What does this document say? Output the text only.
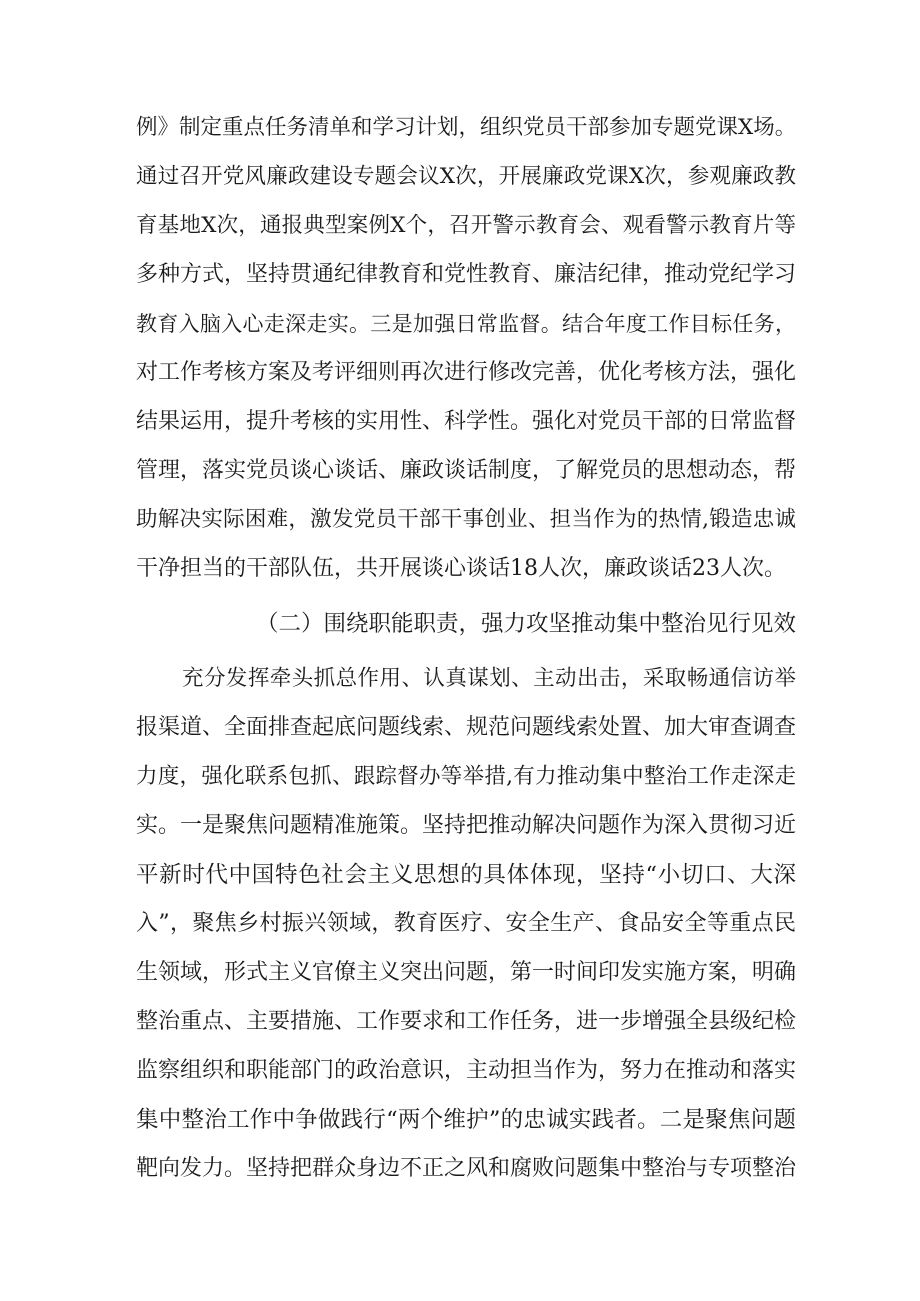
例》制定重点任务清单和学习计划，组织党员干部参加专题党课X场。
通过召开党风廉政建设专题会议X次，开展廉政党课X次，参观廉政教
育基地X次，通报典型案例X个，召开警示教育会、观看警示教育片等
多种方式，坚持贯通纪律教育和党性教育、廉洁纪律，推动党纪学习
教育入脑入心走深走实。三是加强日常监督。结合年度工作目标任务，
对工作考核方案及考评细则再次进行修改完善，优化考核方法，强化
结果运用，提升考核的实用性、科学性。强化对党员干部的日常监督
管理，落实党员谈心谈话、廉政谈话制度，了解党员的思想动态，帮
助解决实际困难，激发党员干部干事创业、担当作为的热情,锻造忠诚
干净担当的干部队伍，共开展谈心谈话18人次，廉政谈话23人次。
（二）围绕职能职责，强力攻坚推动集中整治见行见效
充分发挥牵头抓总作用、认真谋划、主动出击，采取畅通信访举
报渠道、全面排查起底问题线索、规范问题线索处置、加大审查调查
力度，强化联系包抓、跟踪督办等举措,有力推动集中整治工作走深走
实。一是聚焦问题精准施策。坚持把推动解决问题作为深入贯彻习近
平新时代中国特色社会主义思想的具体体现，坚持“小切口、大深
入”，聚焦乡村振兴领域，教育医疗、安全生产、食品安全等重点民
生领域，形式主义官僚主义突出问题，第一时间印发实施方案，明确
整治重点、主要措施、工作要求和工作任务，进一步增强全县级纪检
监察组织和职能部门的政治意识，主动担当作为，努力在推动和落实
集中整治工作中争做践行“两个维护”的忠诚实践者。二是聚焦问题
靶向发力。坚持把群众身边不正之风和腐败问题集中整治与专项整治
